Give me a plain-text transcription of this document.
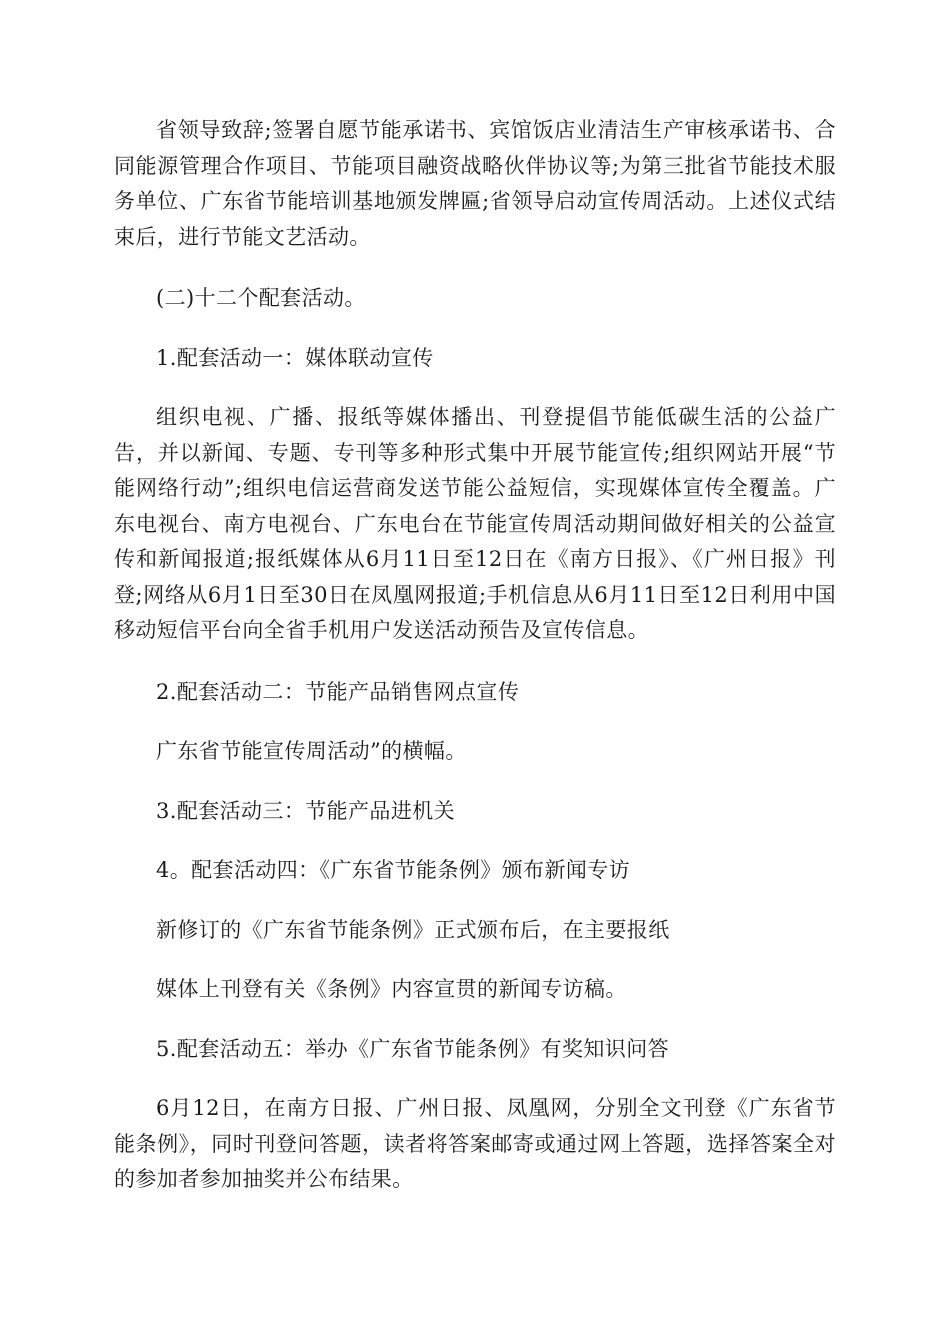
省领导致辞;签署自愿节能承诺书、宾馆饭店业清洁生产审核承诺书、合同能源管理合作项目、节能项目融资战略伙伴协议等;为第三批省节能技术服务单位、广东省节能培训基地颁发牌匾;省领导启动宣传周活动。上述仪式结束后，进行节能文艺活动。

(二)十二个配套活动。

1.配套活动一：媒体联动宣传

组织电视、广播、报纸等媒体播出、刊登提倡节能低碳生活的公益广告，并以新闻、专题、专刊等多种形式集中开展节能宣传;组织网站开展“节能网络行动”;组织电信运营商发送节能公益短信，实现媒体宣传全覆盖。广东电视台、南方电视台、广东电台在节能宣传周活动期间做好相关的公益宣传和新闻报道;报纸媒体从6月11日至12日在《南方日报》、《广州日报》刊登;网络从6月1日至30日在凤凰网报道;手机信息从6月11日至12日利用中国移动短信平台向全省手机用户发送活动预告及宣传信息。

2.配套活动二：节能产品销售网点宣传

广东省节能宣传周活动”的横幅。

3.配套活动三：节能产品进机关

4。配套活动四：《广东省节能条例》颁布新闻专访

新修订的《广东省节能条例》正式颁布后，在主要报纸

媒体上刊登有关《条例》内容宣贯的新闻专访稿。

5.配套活动五：举办《广东省节能条例》有奖知识问答

6月12日，在南方日报、广州日报、凤凰网，分别全文刊登《广东省节能条例》，同时刊登问答题，读者将答案邮寄或通过网上答题，选择答案全对的参加者参加抽奖并公布结果。
